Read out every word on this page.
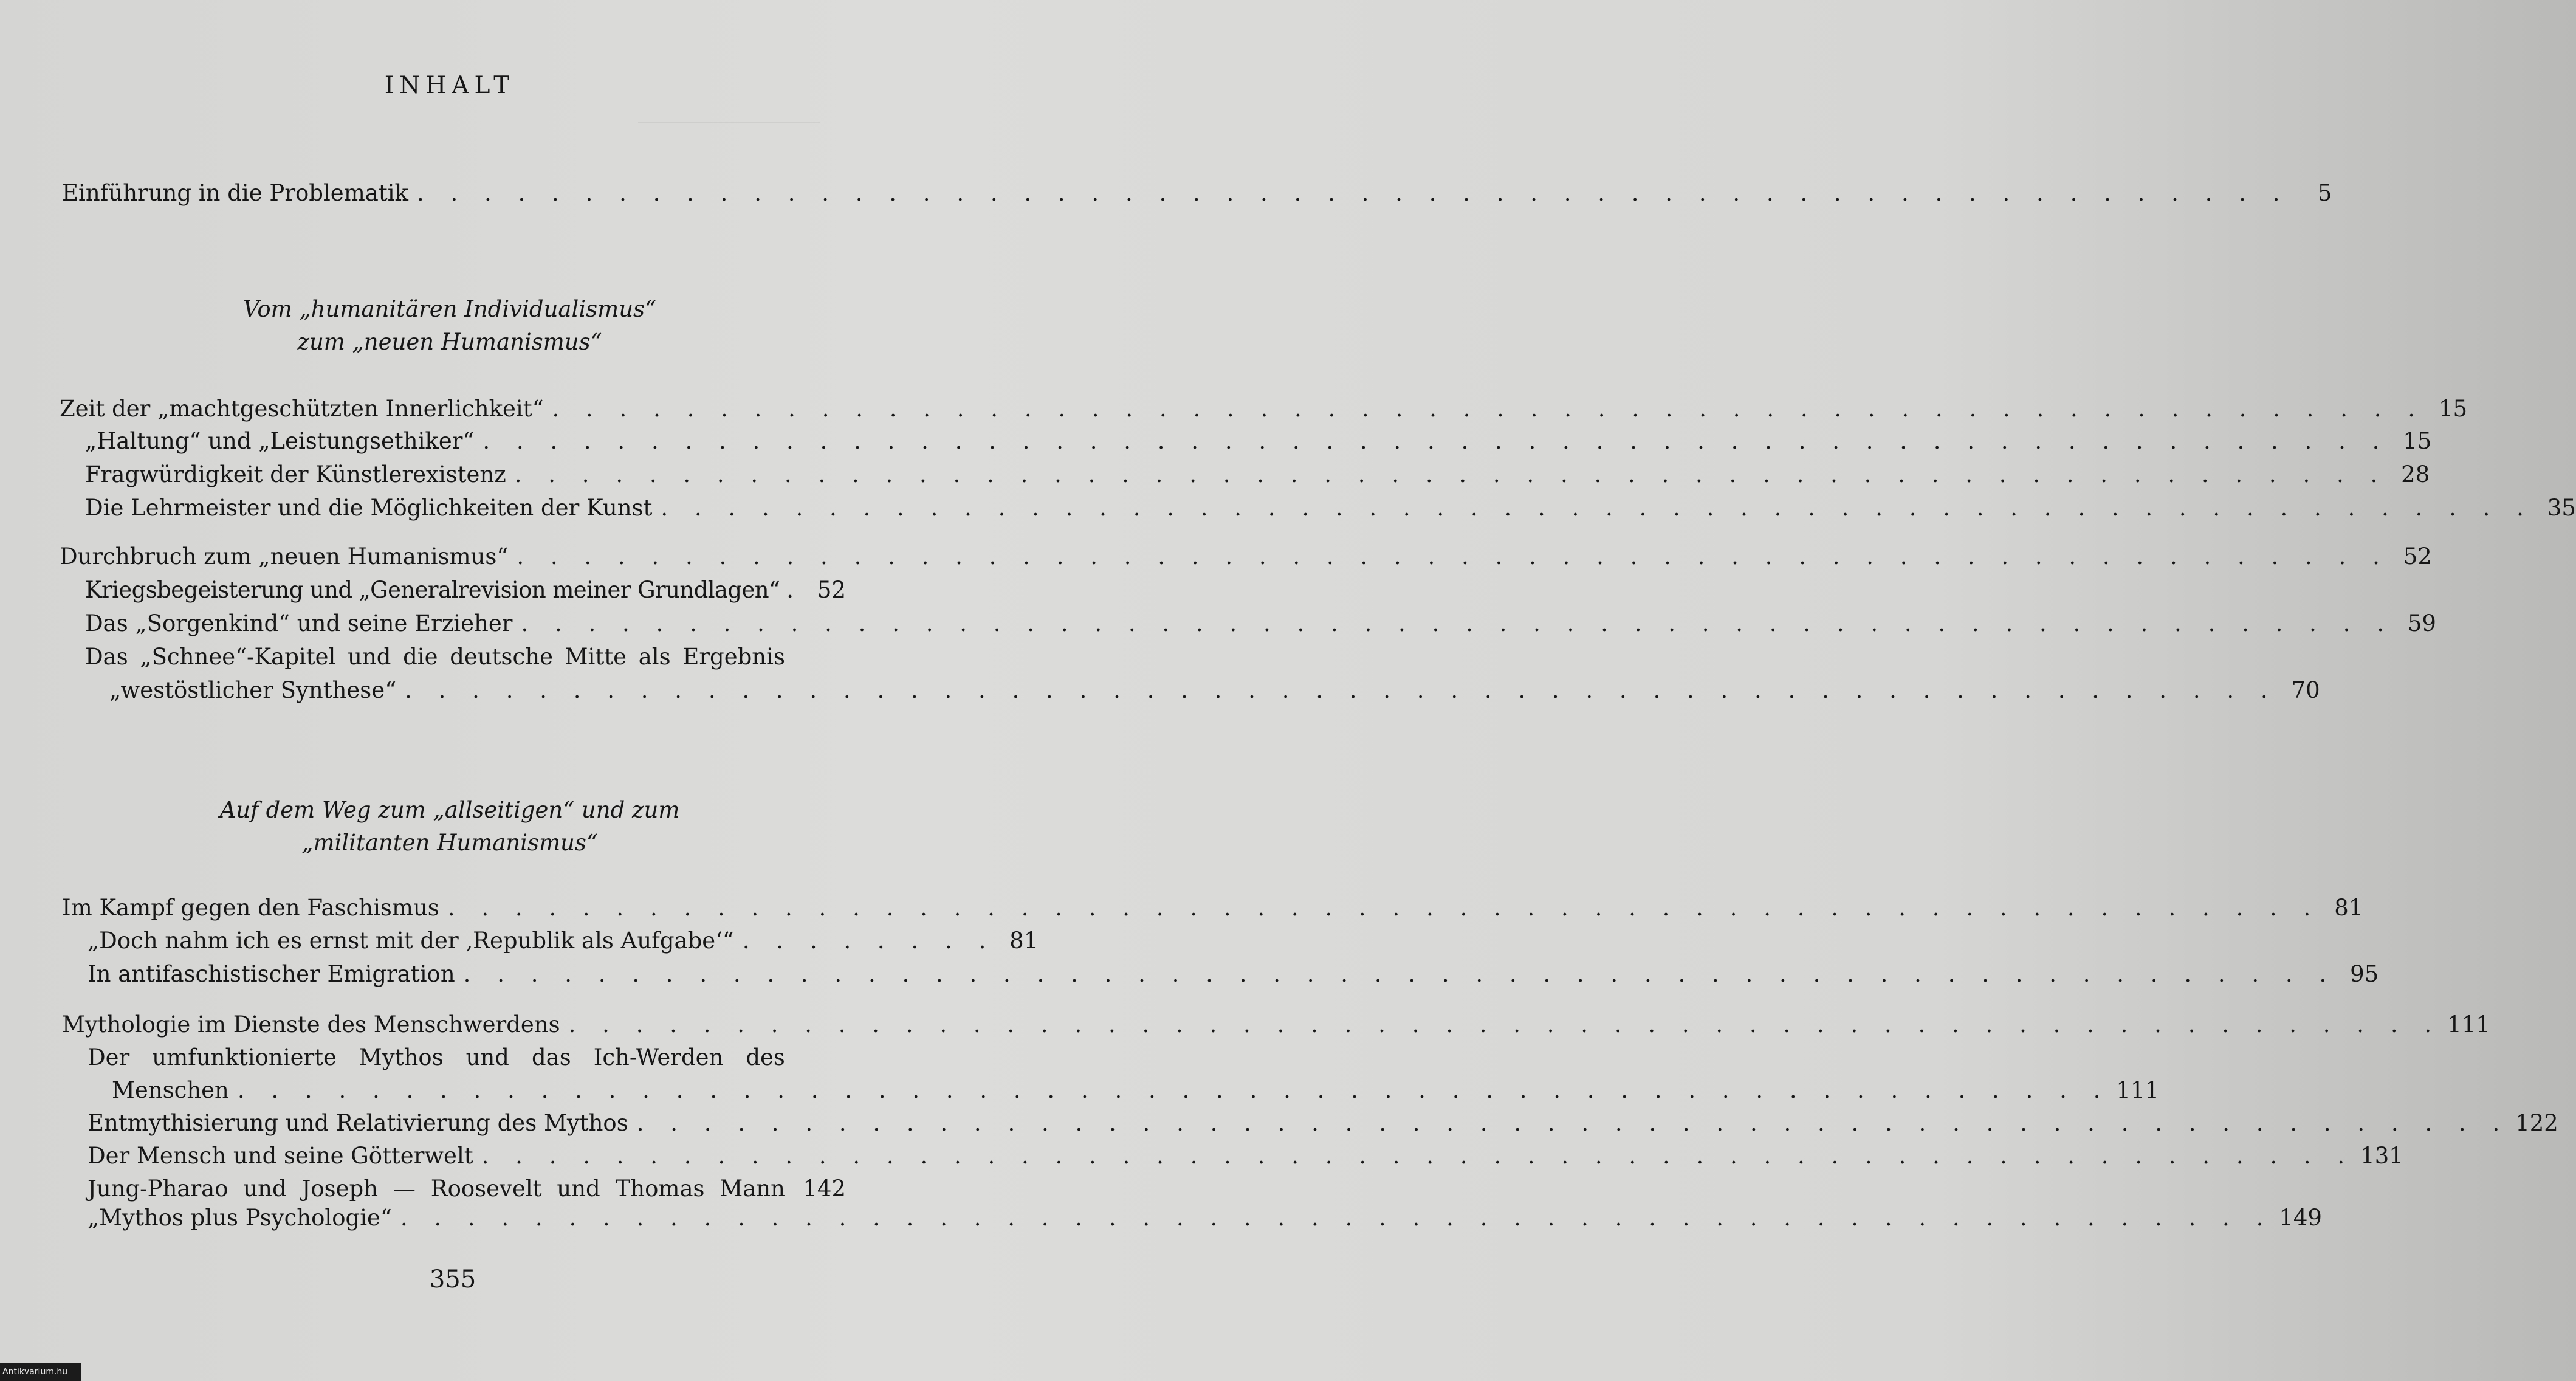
INHALT
Einführung in die Problematik . . . . . . . . . . . . . . . . . . . . . . . . . . . . . . . . . . . . . . . . . . . . . . . . . . . . . . . .	5
Vom „humanitären Individualismus“
zum „neuen Humanismus“
Zeit der „machtgeschützten Innerlichkeit“ . . . . . . . . . . . . . . . . . . . . . . . . . . . . . . . . . . . . . . . . . . . . . . . . . . . . . . . . 15
„Haltung“ und „Leistungsethiker“ . . . . . . . . . . . . . . . . . . . . . . . . . . . . . . . . . . . . . . . . . . . . . . . . . . . . . . . . . 15
Fragwürdigkeit der Künstlerexistenz . . . . . . . . . . . . . . . . . . . . . . . . . . . . . . . . . . . . . . . . . . . . . . . . . . . . . . . . 28
Die Lehrmeister und die Möglichkeiten der Kunst . . . . . . . . . . . . . . . . . . . . . . . . . . . . . . . . . . . . . . . . . . . . . . . . . . . . . . . . 35
Durchbruch zum „neuen Humanismus“ . . . . . . . . . . . . . . . . . . . . . . . . . . . . . . . . . . . . . . . . . . . . . . . . . . . . . . . . 52
Kriegsbegeisterung und „Generalrevision meiner Grundlagen“ . 52
Das „Sorgenkind“ und seine Erzieher . . . . . . . . . . . . . . . . . . . . . . . . . . . . . . . . . . . . . . . . . . . . . . . . . . . . . . . . 59
Das „Schnee“-Kapitel und die deutsche Mitte als Ergebnis
„westöstlicher Synthese“ . . . . . . . . . . . . . . . . . . . . . . . . . . . . . . . . . . . . . . . . . . . . . . . . . . . . . . . . 70
Auf dem Weg zum „allseitigen“ und zum
„militanten Humanismus“
Im Kampf gegen den Faschismus . . . . . . . . . . . . . . . . . . . . . . . . . . . . . . . . . . . . . . . . . . . . . . . . . . . . . . . . 81
„Doch nahm ich es ernst mit der ‚Republik als Aufgabe‘“ . . . . . . . . 81
In antifaschistischer Emigration . . . . . . . . . . . . . . . . . . . . . . . . . . . . . . . . . . . . . . . . . . . . . . . . . . . . . . . . 95
Mythologie im Dienste des Menschwerdens . . . . . . . . . . . . . . . . . . . . . . . . . . . . . . . . . . . . . . . . . . . . . . . . . . . . . . . . 111
Der umfunktionierte Mythos und das Ich-Werden des
Menschen . . . . . . . . . . . . . . . . . . . . . . . . . . . . . . . . . . . . . . . . . . . . . . . . . . . . . . . . 111
Entmythisierung und Relativierung des Mythos . . . . . . . . . . . . . . . . . . . . . . . . . . . . . . . . . . . . . . . . . . . . . . . . . . . . . . . . 122
Der Mensch und seine Götterwelt . . . . . . . . . . . . . . . . . . . . . . . . . . . . . . . . . . . . . . . . . . . . . . . . . . . . . . . . 131
Jung-Pharao und Joseph — Roosevelt und Thomas Mann 142
„Mythos plus Psychologie“ . . . . . . . . . . . . . . . . . . . . . . . . . . . . . . . . . . . . . . . . . . . . . . . . . . . . . . . . 149
355
Antikvarium.hu
